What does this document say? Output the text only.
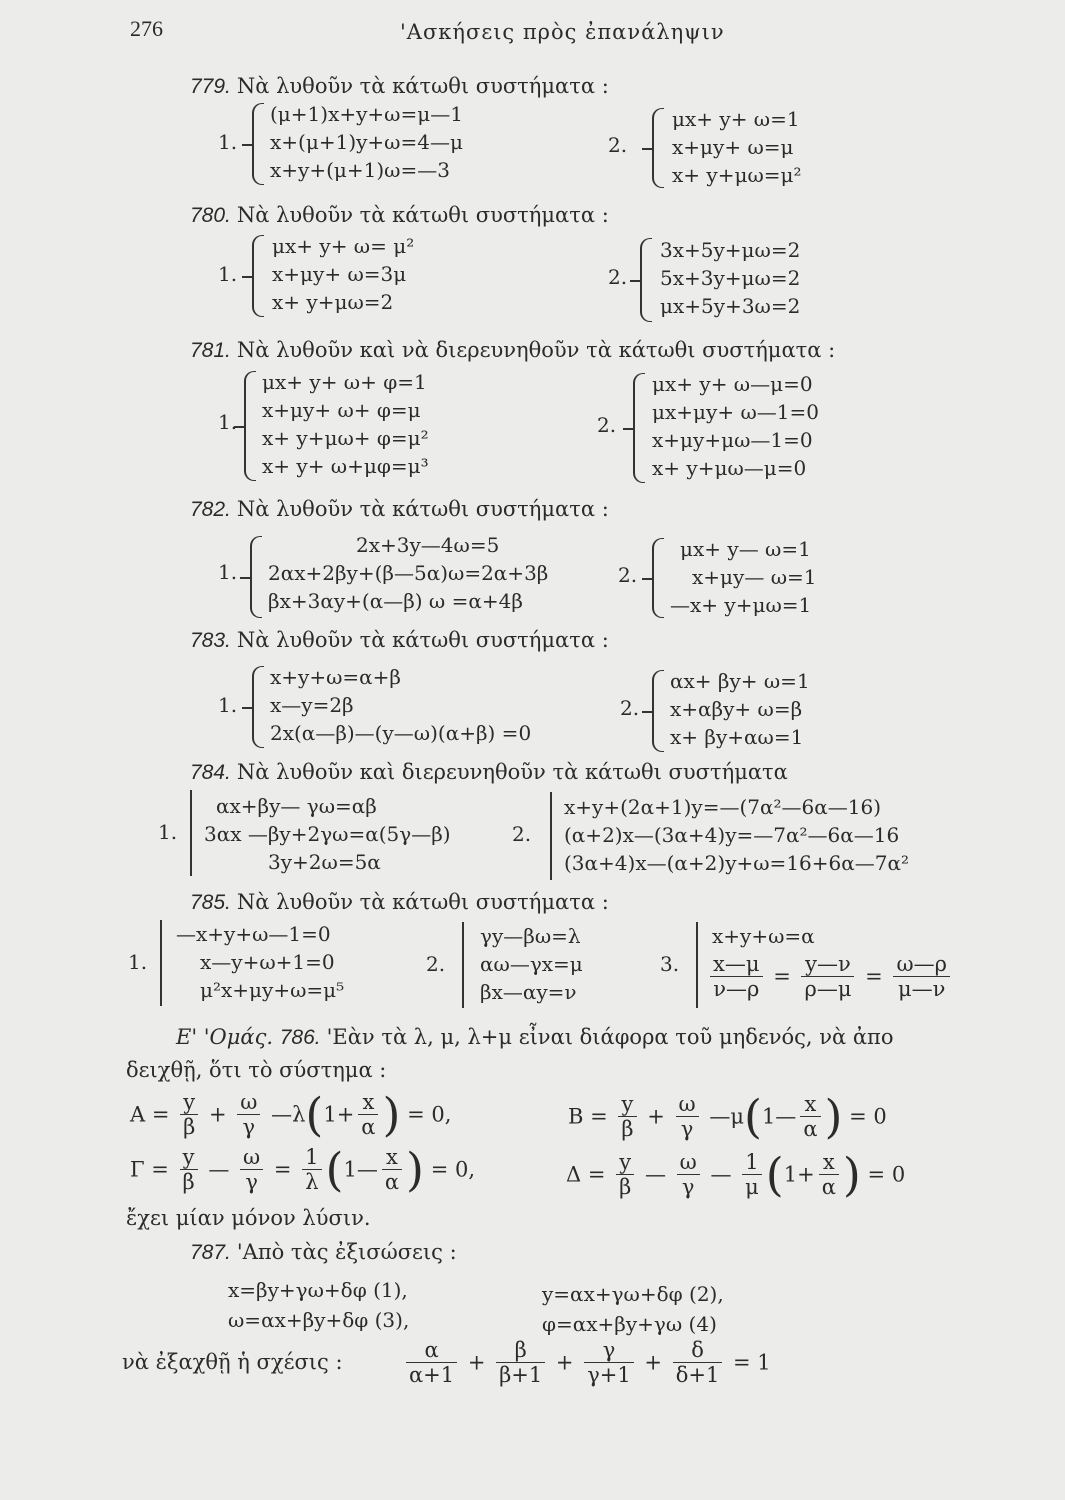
276	'Ασκήσεις πρὸς ἐπανάληψιν
779. Νὰ λυθοῦν τὰ κάτωθι συστήματα :
1.
(μ+1)x+y+ω=μ—1
x+(μ+1)y+ω=4—μ
x+y+(μ+1)ω=—3
2.
μx+ y+ ω=1
x+μy+ ω=μ
x+ y+μω=μ²
780. Νὰ λυθοῦν τὰ κάτωθι συστήματα :
1.
μx+ y+ ω= μ²
x+μy+ ω=3μ
x+ y+μω=2
2.
3x+5y+μω=2
5x+3y+μω=2
μx+5y+3ω=2
781. Νὰ λυθοῦν καὶ νὰ διερευνηθοῦν τὰ κάτωθι συστήματα :
1.
μx+ y+ ω+ φ=1
x+μy+ ω+ φ=μ
x+ y+μω+ φ=μ²
x+ y+ ω+μφ=μ³
2.
μx+ y+ ω—μ=0
μx+μy+ ω—1=0
x+μy+μω—1=0
x+ y+μω—μ=0
782. Νὰ λυθοῦν τὰ κάτωθι συστήματα :
1.
2x+3y—4ω=5
2αx+2βy+(β—5α)ω=2α+3β
βx+3αy+(α—β) ω =α+4β
2.
μx+ y— ω=1
x+μy— ω=1
—x+ y+μω=1
783. Νὰ λυθοῦν τὰ κάτωθι συστήματα :
1.
x+y+ω=α+β
x—y=2β
2x(α—β)—(y—ω)(α+β) =0
2.
αx+ βy+ ω=1
x+αβy+ ω=β
x+ βy+αω=1
784. Νὰ λυθοῦν καὶ διερευνηθοῦν τὰ κάτωθι συστήματα
1.
αx+βy— γω=αβ
3αx —βy+2γω=α(5γ—β)
3y+2ω=5α
2.
x+y+(2α+1)y=—(7α²—6α—16)
(α+2)x—(3α+4)y=—7α²—6α—16
(3α+4)x—(α+2)y+ω=16+6α—7α²
785. Νὰ λυθοῦν τὰ κάτωθι συστήματα :
1.
—x+y+ω—1=0
x—y+ω+1=0
μ²x+μy+ω=μ⁵
2.
γy—βω=λ
αω—γx=μ
βx—αy=ν
3.
x+y+ω=α
$\frac{x—\mu}{\nu—\rho} = \frac{y—\nu}{\rho—\mu} = \frac{\omega—\rho}{\mu—\nu}$
Ε' 'Ομάς. 786. 'Εὰν τὰ λ, μ, λ+μ εἶναι διάφορα τοῦ μηδενός, νὰ ἀπο
δειχθῇ, ὅτι τὸ σύστημα :
$A = \frac{y}{\beta} + \frac{\omega}{\gamma}$ —λ(1+ $\frac{x}{\alpha}$ ) = 0,	$B = \frac{y}{\beta} + \frac{\omega}{\gamma}$ —μ(1— $\frac{x}{\alpha}$ ) = 0
$\Gamma = \frac{y}{\beta}$ — $\frac{\omega}{\gamma} = \frac{1}{\lambda}$ (1— $\frac{x}{\alpha}$ ) = 0,	$\Delta = \frac{y}{\beta}$ — $\frac{\omega}{\gamma}$ — $\frac{1}{\mu} (1+ \frac{x}{\alpha}$ ) = 0
ἔχει μίαν μόνον λύσιν.
787. 'Απὸ τὰς ἐξισώσεις :
x=βy+γω+δφ (1),	y=αx+γω+δφ (2),
ω=αx+βy+δφ (3),	φ=αx+βy+γω (4)
νὰ ἐξαχθῇ ἡ σχέσις :	$\frac{\alpha}{\alpha+1} + \frac{\beta}{\beta+1} + \frac{\gamma}{\gamma+1} + \frac{\delta}{\delta+1} = 1$
